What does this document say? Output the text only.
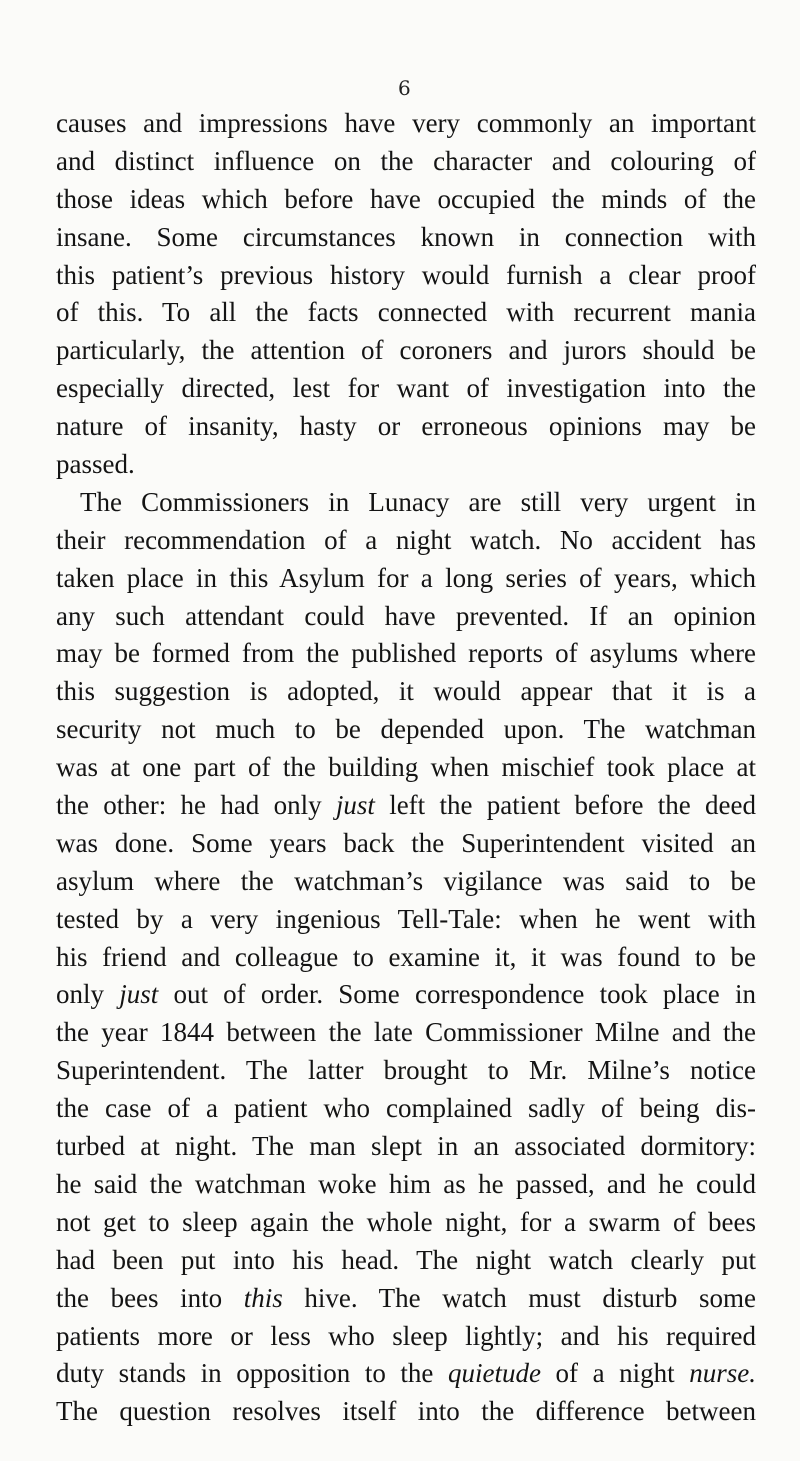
6
causes and impressions have very commonly an important
and distinct influence on the character and colouring of
those ideas which before have occupied the minds of the
insane. Some circumstances known in connection with
this patient’s previous history would furnish a clear proof
of this. To all the facts connected with recurrent mania
particularly, the attention of coroners and jurors should be
especially directed, lest for want of investigation into the
nature of insanity, hasty or erroneous opinions may be
passed.
The Commissioners in Lunacy are still very urgent in
their recommendation of a night watch. No accident has
taken place in this Asylum for a long series of years, which
any such attendant could have prevented. If an opinion
may be formed from the published reports of asylums where
this suggestion is adopted, it would appear that it is a
security not much to be depended upon. The watchman
was at one part of the building when mischief took place at
the other: he had only just left the patient before the deed
was done. Some years back the Superintendent visited an
asylum where the watchman’s vigilance was said to be
tested by a very ingenious Tell-Tale: when he went with
his friend and colleague to examine it, it was found to be
only just out of order. Some correspondence took place in
the year 1844 between the late Commissioner Milne and the
Superintendent. The latter brought to Mr. Milne’s notice
the case of a patient who complained sadly of being dis-
turbed at night. The man slept in an associated dormitory:
he said the watchman woke him as he passed, and he could
not get to sleep again the whole night, for a swarm of bees
had been put into his head. The night watch clearly put
the bees into this hive. The watch must disturb some
patients more or less who sleep lightly; and his required
duty stands in opposition to the quietude of a night nurse.
The question resolves itself into the difference between
